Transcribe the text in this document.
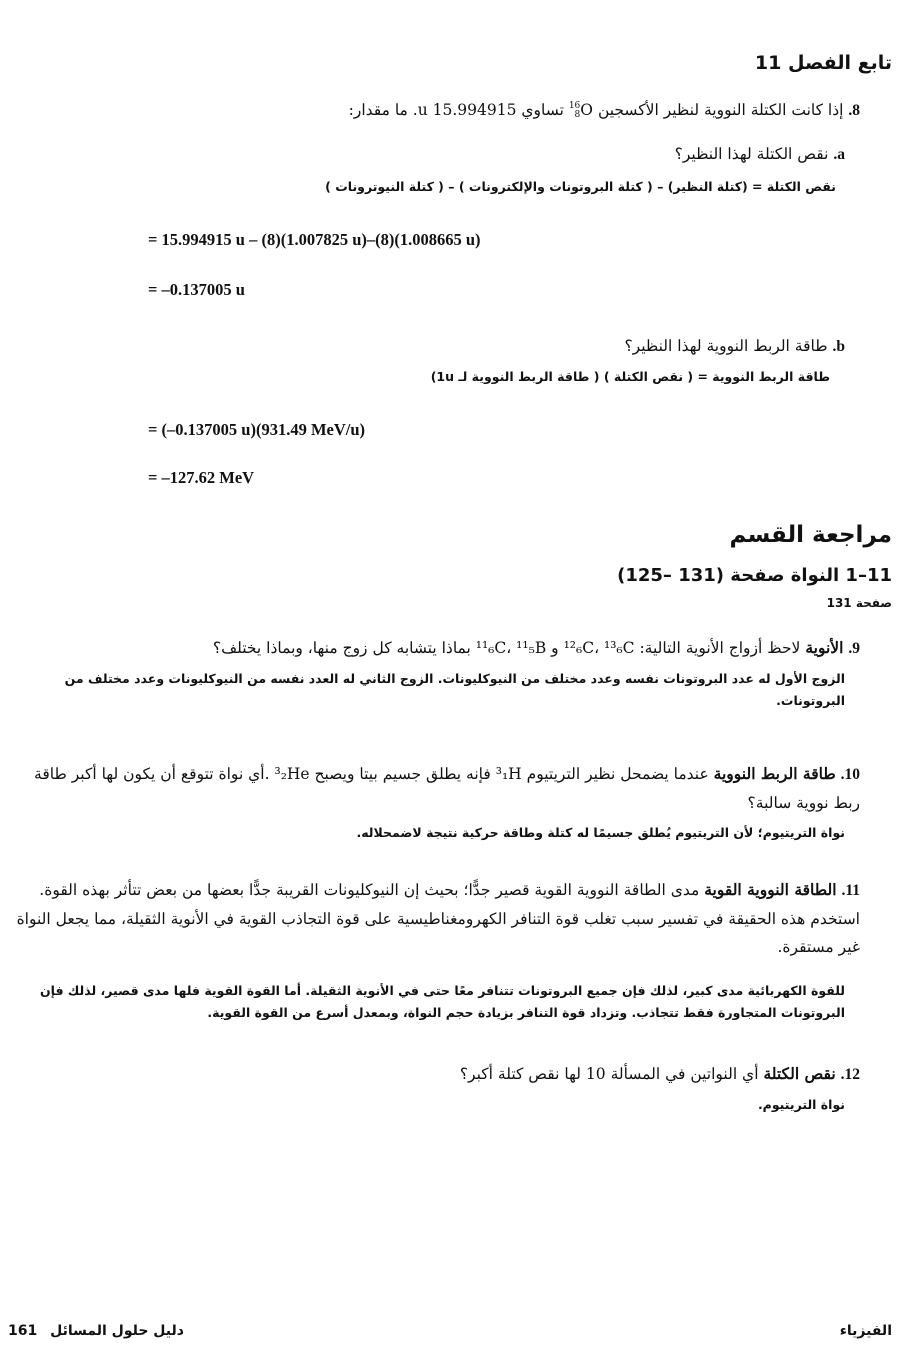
تابع الفصل 11
8. إذا كانت الكتلة النووية لنظير الأكسجين
16
8 O تساوي 15.994915 u. ما مقدار:
a. نقص الكتلة لهذا النظير؟
نقص الكتلة = (كتلة النظير) – ( كتلة البروتونات والإلكترونات ) – ( كتلة النيوترونات )
= 15.994915 u – (8)(1.007825 u)–(8)(1.008665 u)
= –0.137005 u
b. طاقة الربط النووية لهذا النظير؟
طاقة الربط النووية = ( نقص الكتلة ) ( طاقة الربط النووية لـ 1u)
= (–0.137005 u)(931.49 MeV/u)
= –127.62 MeV
مراجعة القسم
11–1 النواة صفحة (131 –125)
صفحة 131
9. الأنوية لاحظ أزواج الأنوية التالية: ¹²₆C، ¹³₆C و ¹¹₆C، ¹¹₅B بماذا يتشابه كل زوج منها، وبماذا يختلف؟
الزوج الأول له عدد البروتونات نفسه وعدد مختلف من النيوكليونات. الزوج الثاني له العدد نفسه من النيوكليونات وعدد مختلف من البروتونات.
10. طاقة الربط النووية عندما يضمحل نظير التريتيوم ³₁H فإنه يطلق جسيم بيتا ويصبح ³₂He .أي نواة تتوقع أن يكون لها أكبر طاقة ربط نووية سالبة؟
نواة التريتيوم؛ لأن التريتيوم يُطلق جسيمًا له كتلة وطاقة حركية نتيجة لاضمحلاله.
11. الطاقة النووية القوية مدى الطاقة النووية القوية قصير جدًّا؛ بحيث إن النيوكليونات القريبة جدًّا بعضها من بعض تتأثر بهذه القوة. استخدم هذه الحقيقة في تفسير سبب تغلب قوة التنافر الكهرومغناطيسية على قوة التجاذب القوية في الأنوية الثقيلة، مما يجعل النواة غير مستقرة.
للقوة الكهربائية مدى كبير، لذلك فإن جميع البروتونات تتنافر معًا حتى في الأنوية الثقيلة. أما القوة القوية فلها مدى قصير، لذلك فإن البروتونات المتجاورة فقط تتجاذب. وتزداد قوة التنافر بزيادة حجم النواة، وبمعدل أسرع من القوة القوية.
12. نقص الكتلة أي النواتين في المسألة 10 لها نقص كتلة أكبر؟
نواة التريتيوم.
161 دليل حلول المسائل	الفيزياء
